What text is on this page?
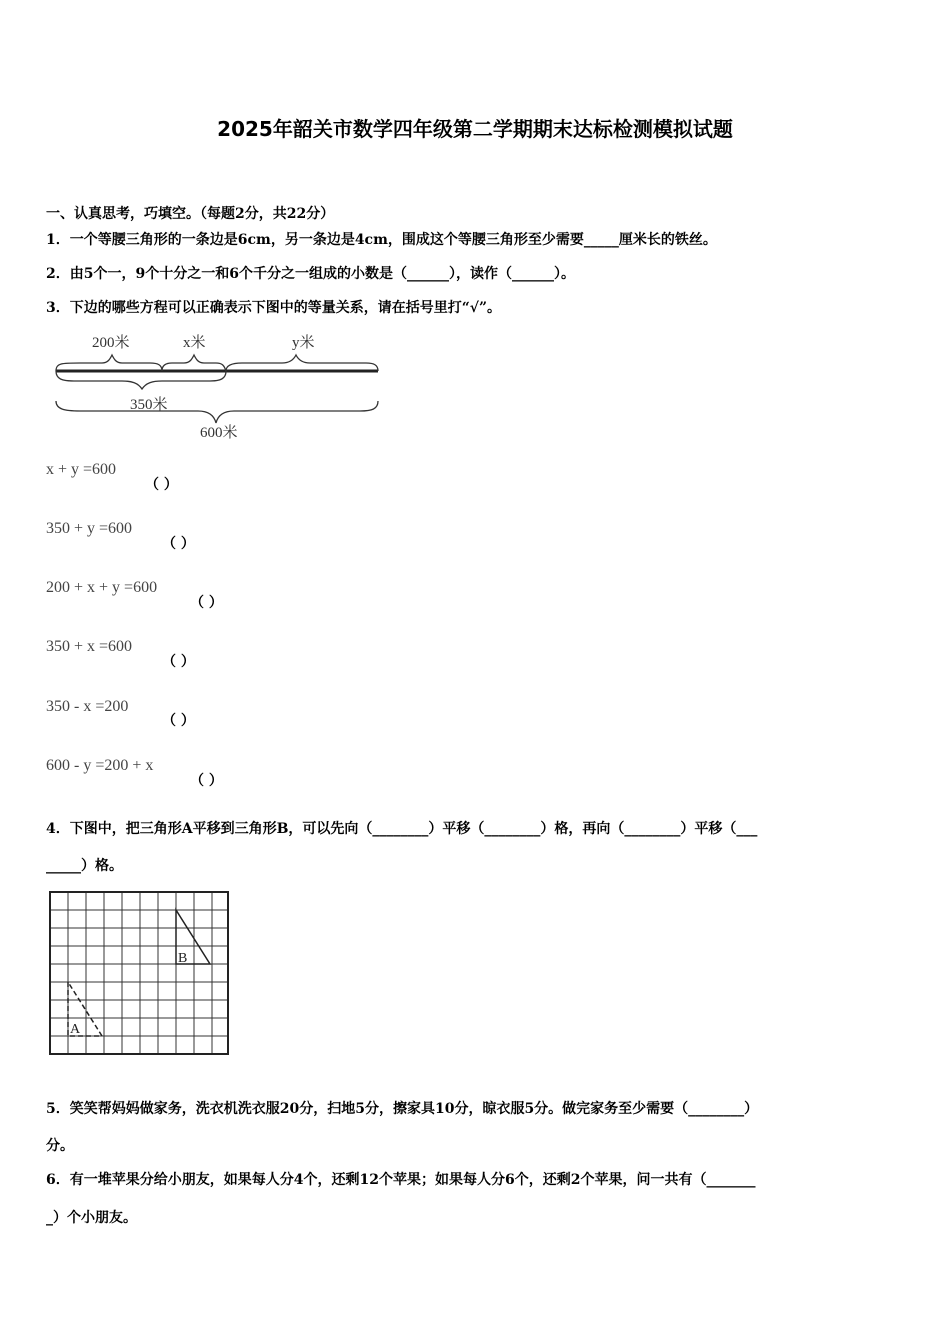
2025年韶关市数学四年级第二学期期末达标检测模拟试题
一、认真思考，巧填空。（每题2分，共22分）
1．一个等腰三角形的一条边是6cm，另一条边是4cm，围成这个等腰三角形至少需要_____厘米长的铁丝。
2．由5个一，9个十分之一和6个千分之一组成的小数是（______），读作（______）。
3．下边的哪些方程可以正确表示下图中的等量关系，请在括号里打“√”。
200米	x米	y米
350米
600米
x + y =600
（ ）
350 + y =600
（ ）
200 + x + y =600
（ ）
350 + x =600
（ ）
350 - x =200
（ ）
600 - y =200 + x
（ ）
4．下图中，把三角形A平移到三角形B，可以先向（________）平移（________）格，再向（________）平移（___
_____）格。
B
A
5．笑笑帮妈妈做家务，洗衣机洗衣服20分，扫地5分，擦家具10分，晾衣服5分。做完家务至少需要（________）
分。
6．有一堆苹果分给小朋友，如果每人分4个，还剩12个苹果；如果每人分6个，还剩2个苹果，问一共有（_______
_）个小朋友。
